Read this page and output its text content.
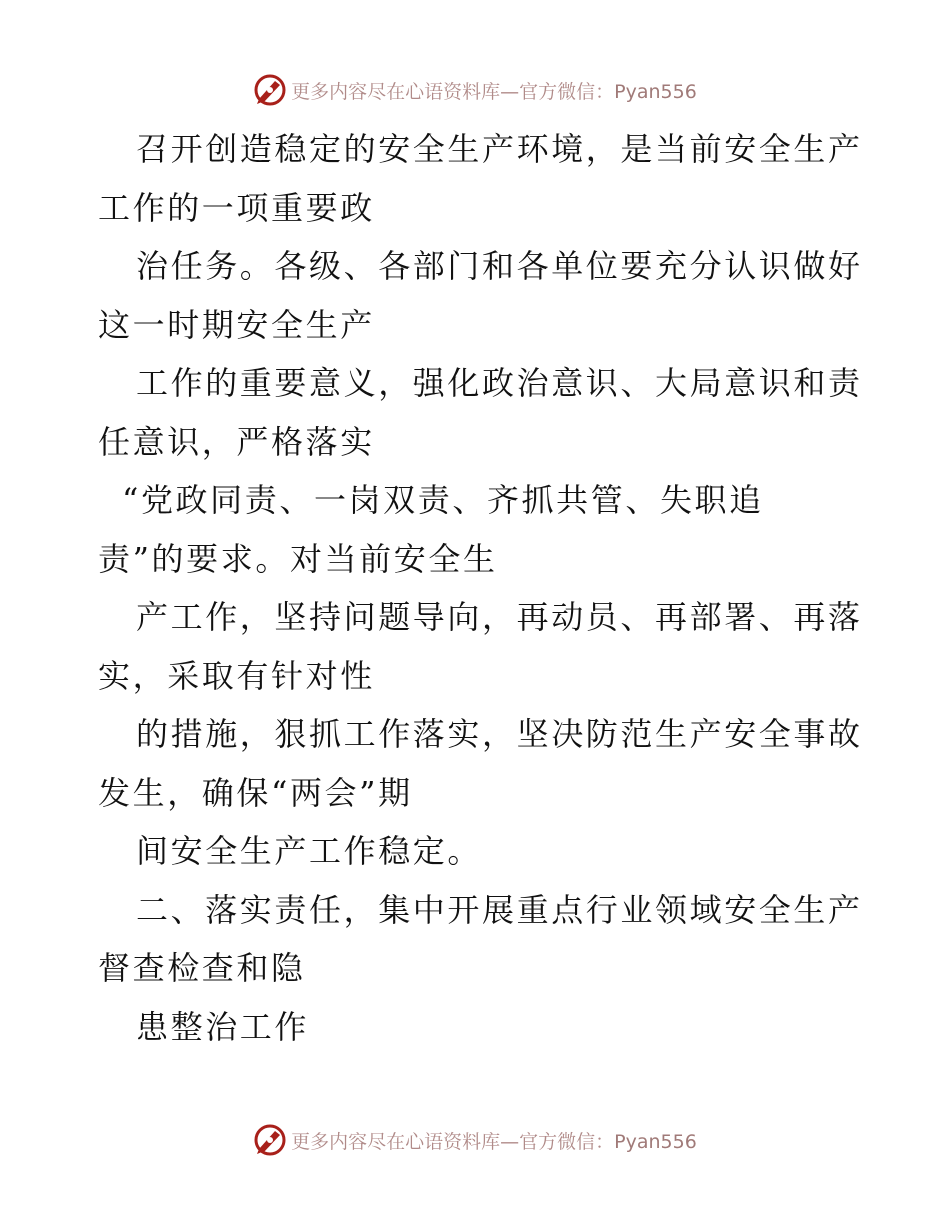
更多内容尽在心语资料库—官方微信：Pyan556
召开创造稳定的安全生产环境，是当前安全生产
工作的一项重要政
治任务。各级、各部门和各单位要充分认识做好
这一时期安全生产
工作的重要意义，强化政治意识、大局意识和责
任意识，严格落实
“党政同责、一岗双责、齐抓共管、失职追
责”的要求。对当前安全生
产工作，坚持问题导向，再动员、再部署、再落
实，采取有针对性
的措施，狠抓工作落实，坚决防范生产安全事故
发生，确保“两会”期
间安全生产工作稳定。
二、落实责任，集中开展重点行业领域安全生产
督查检查和隐
患整治工作
更多内容尽在心语资料库—官方微信：Pyan556
